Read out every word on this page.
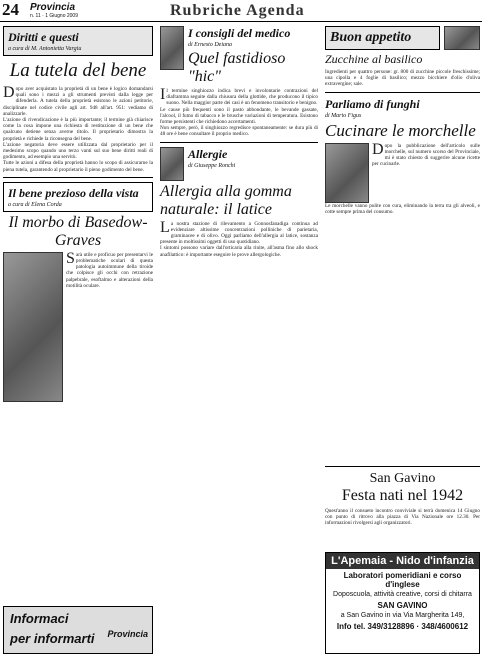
24 Provincia
n. 11 · 1 Giugno 2009	Rubriche Agenda
Diritti e questi
a cura di M. Antonietta Vargiu
La tutela del bene

Dopo aver acquistato la proprietà di un bene è logico domandarsi quali sono i mezzi a gli strumenti previsti dalla legge per difenderla. A tutela della proprietà esistono le azioni petitorie, disciplinate nel codice civile agli art. 948 all'art. 951: vediamo di analizzarle.

L'azione di rivendicazione è la più importante; il termine già chiarisce come la cosa impone una richiesta di restituzione di un bene che qualcuno detiene senza averne titolo. Il proprietario dimostra la proprietà e richiede la riconsegna del bene.

L'azione negatoria deve essere utilizzata dal proprietario per il medesimo scopo quando uno terzo vanti sul suo bene diritti reali di godimento, ad esempio una servitù.

Tutte le azioni a difesa della proprietà hanno lo scopo di assicurarne la piena tutela, garantendo al proprietario il pieno godimento del bene.

Il bene prezioso della vista
a cura di Elena Corda
Il morbo di Basedow-Graves

Sarà utile e proficuo per presentarvi le problematiche oculari di questa patologia autoimmune della tiroide che colpisce gli occhi con retrazione palpebrale, esoftalmo e alterazioni della motilità oculare.

Informaci
per informarti Provincia
I consigli del medico
di Ernesto Deiana
Quel fastidioso "hic"

Il termine singhiozzo indica brevi e involontarie contrazioni del diaframma seguite dalla chiusura della glottide, che producono il tipico suono. Nella maggior parte dei casi è un fenomeno transitorio e benigno.

Le cause più frequenti sono il pasto abbondante, le bevande gassate, l'alcool, il fumo di tabacco e le brusche variazioni di temperatura. Esistono forme persistenti che richiedono accertamenti.

Non sempre, però, il singhiozzo regredisce spontaneamente: se dura più di 48 ore è bene consultare il proprio medico.

Allergie
di Giuseppe Ronchi
Allergia alla gomma naturale: il latice

La nostra stazione di rilevamento a Gonnosfanadiga continua ad evidenziare altissime concentrazioni polliniche di parietaria, graminacee e di olivo. Oggi parliamo dell'allergia al latice, sostanza presente in moltissimi oggetti di uso quotidiano.

I sintomi possono variare dall'orticaria alla rinite, all'asma fino allo shock anafilattico: è importante eseguire le prove allergologiche.

Buon appetito
Zucchine al basilico

Ingredienti per quattro persone: gr. 800 di zucchine piccole freschissime; una cipolla e 4 foglie di basilico; mezzo bicchiere d'olio d'oliva extravergine; sale.

Parliamo di funghi
di Mario Figus
Cucinare le morchelle

Dopo la pubblicazione dell'articolo sulle morchelle, sul numero scorso del Provinciale, mi è stato chiesto di suggerire alcune ricette per cucinarle.

Le morchelle vanno pulite con cura, eliminando la terra tra gli alveoli, e cotte sempre prima del consumo.

San Gavino
Festa nati nel 1942

Quest'anno il consueto incontro conviviale si terrà domenica 14 Giugno con punto di ritrovo alla piazza di Via Nazionale ore 12.30. Per informazioni rivolgersi agli organizzatori.

L'Apemaia - Nido d'infanzia

Laboratori pomeridiani e corso d'inglese

Doposcuola, attività creative, corsi di chitarra

SAN GAVINO

a San Gavino in via Via Margherita 149,

Info tel. 349/3128896 · 348/4600612
